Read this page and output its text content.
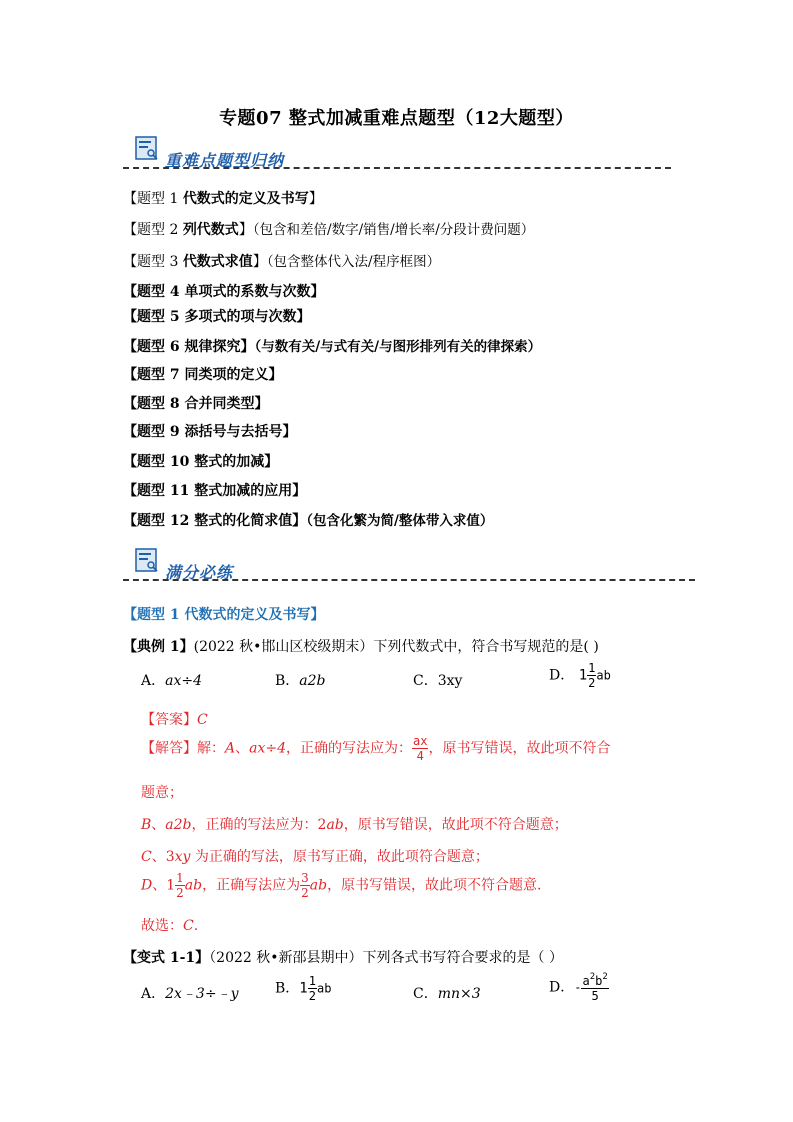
专题07 整式加减重难点题型（12大题型）
重难点题型归纳
【题型 1 代数式的定义及书写】
【题型 2 列代数式】（包含和差倍/数字/销售/增长率/分段计费问题）
【题型 3 代数式求值】（包含整体代入法/程序框图）
【题型 4 单项式的系数与次数】
【题型 5 多项式的项与次数】
【题型 6 规律探究】（与数有关/与式有关/与图形排列有关的律探索）
【题型 7 同类项的定义】
【题型 8 合并同类型】
【题型 9 添括号与去括号】
【题型 10 整式的加减】
【题型 11 整式加减的应用】
【题型 12 整式的化简求值】（包含化繁为简/整体带入求值）
满分必练
【题型 1 代数式的定义及书写】
【典例 1】(2022 秋•邯山区校级期末）下列代数式中，符合书写规范的是( )
A．ax÷4	B．a2b	C．3xy	D． $1 \frac{1}{2}$ ab
【答案】C
【解答】解：A、ax÷4，正确的写法应为： $\frac{ax}{4}$ ，原书写错误，故此项不符合
题意；
B、a2b，正确的写法应为：2ab，原书写错误，故此项不符合题意；
C、3xy 为正确的写法，原书写正确，故此项符合题意；
D、$1 \frac{1}{2}$ ab，正确写法应为 $\frac{3}{2}$ ab，原书写错误，故此项不符合题意.
故选：C.
【变式 1-1】（2022 秋•新邵县期中）下列各式书写符合要求的是（ ）
A．2x﹣3÷﹣y	B．$1 \frac{1}{2}$ ab	C．mn×3	D．- $\frac{a^2b^2}{5}$
